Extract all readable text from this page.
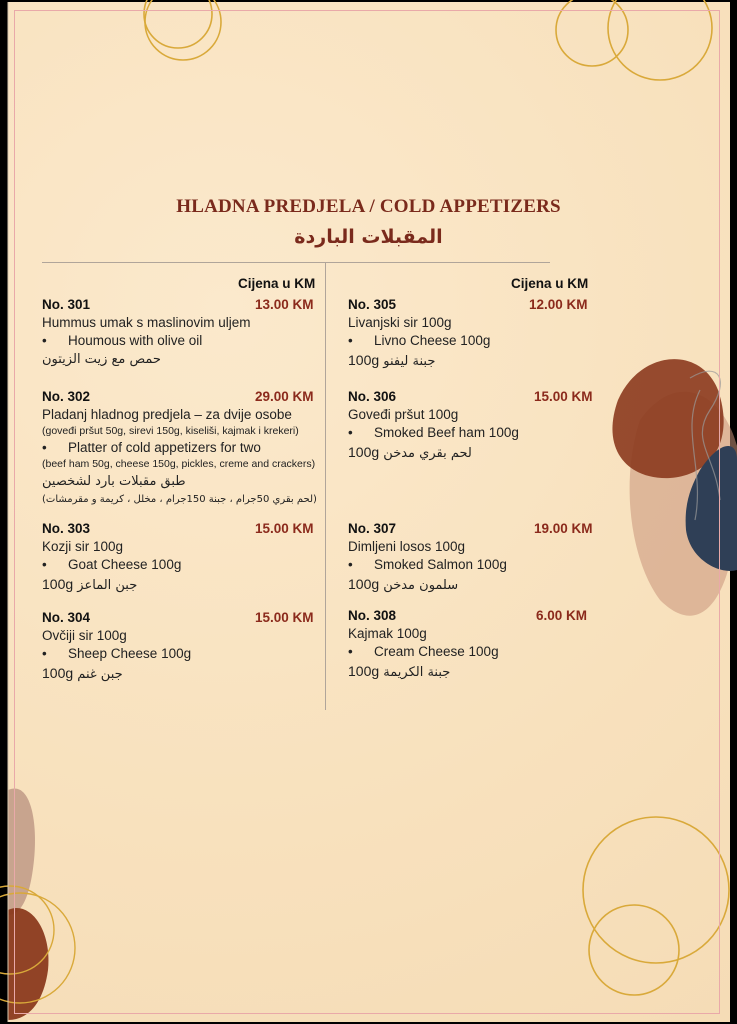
HLADNA PREDJELA / COLD APPETIZERS
المقبلات الباردة
Cijena u KM	Cijena u KM
No. 301	13.00 KM
Hummus umak s maslinovim uljem
• Houmous with olive oil
حمص مع زيت الزيتون
No. 302	29.00 KM
Pladanj hladnog predjela – za dvije osobe
(goveđi pršut 50g, sirevi 150g, kiseliši, kajmak i krekeri)
• Platter of cold appetizers for two
(beef ham 50g, cheese 150g, pickles, creme and crackers)
طبق مقبلات بارد لشخصين
(لحم بقري 50جرام ، جبنة 150جرام ، مخلل ، كريمة و مقرمشات)
No. 303	15.00 KM
Kozji sir 100g
• Goat Cheese 100g
100g جبن الماعز
No. 304	15.00 KM
Ovčiji sir 100g
• Sheep Cheese 100g
100g جبن غنم
No. 305	12.00 KM
Livanjski sir 100g
• Livno Cheese 100g
100g جبنة ليفنو
No. 306	15.00 KM
Goveđi pršut 100g
• Smoked Beef ham 100g
100g لحم بقري مدخن
No. 307	19.00 KM
Dimljeni losos 100g
• Smoked Salmon 100g
100g سلمون مدخن
No. 308	6.00 KM
Kajmak 100g
• Cream Cheese 100g
100g جبنة الكريمة
